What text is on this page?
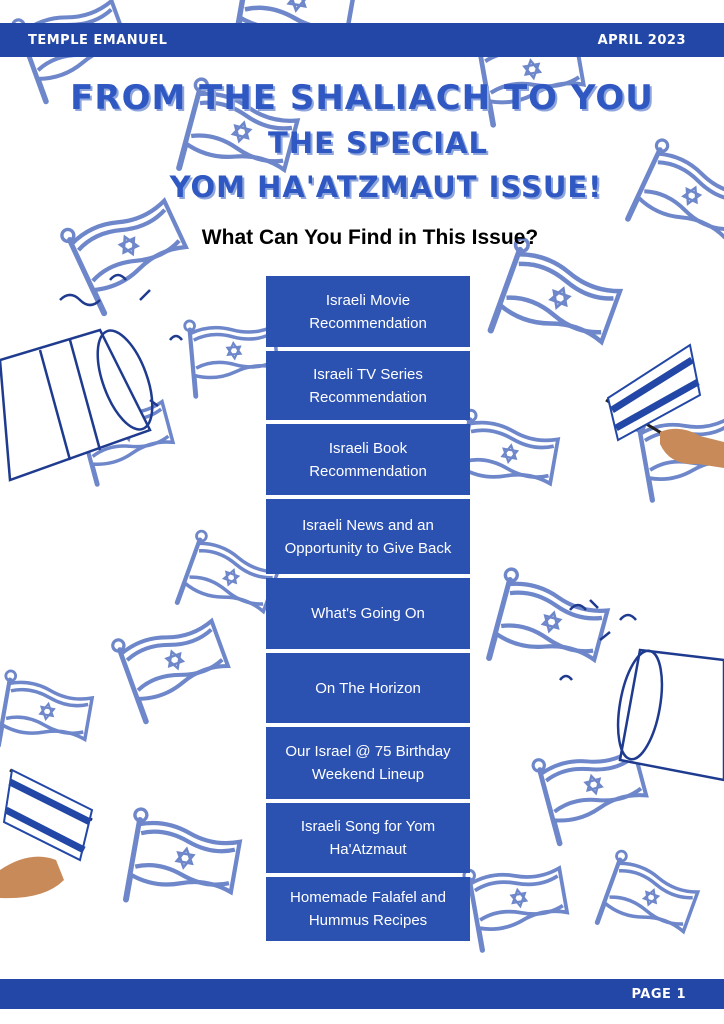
TEMPLE EMANUEL	APRIL 2023
FROM THE SHALIACH TO YOU
THE SPECIAL
YOM HA'ATZMAUT ISSUE!
What Can You Find in This Issue?
Israeli Movie Recommendation
Israeli TV Series Recommendation
Israeli Book Recommendation
Israeli News and an Opportunity to Give Back
What's Going On
On The Horizon
Our Israel @ 75 Birthday Weekend Lineup
Israeli Song for Yom Ha'Atzmaut
Homemade Falafel and Hummus Recipes
PAGE 1
